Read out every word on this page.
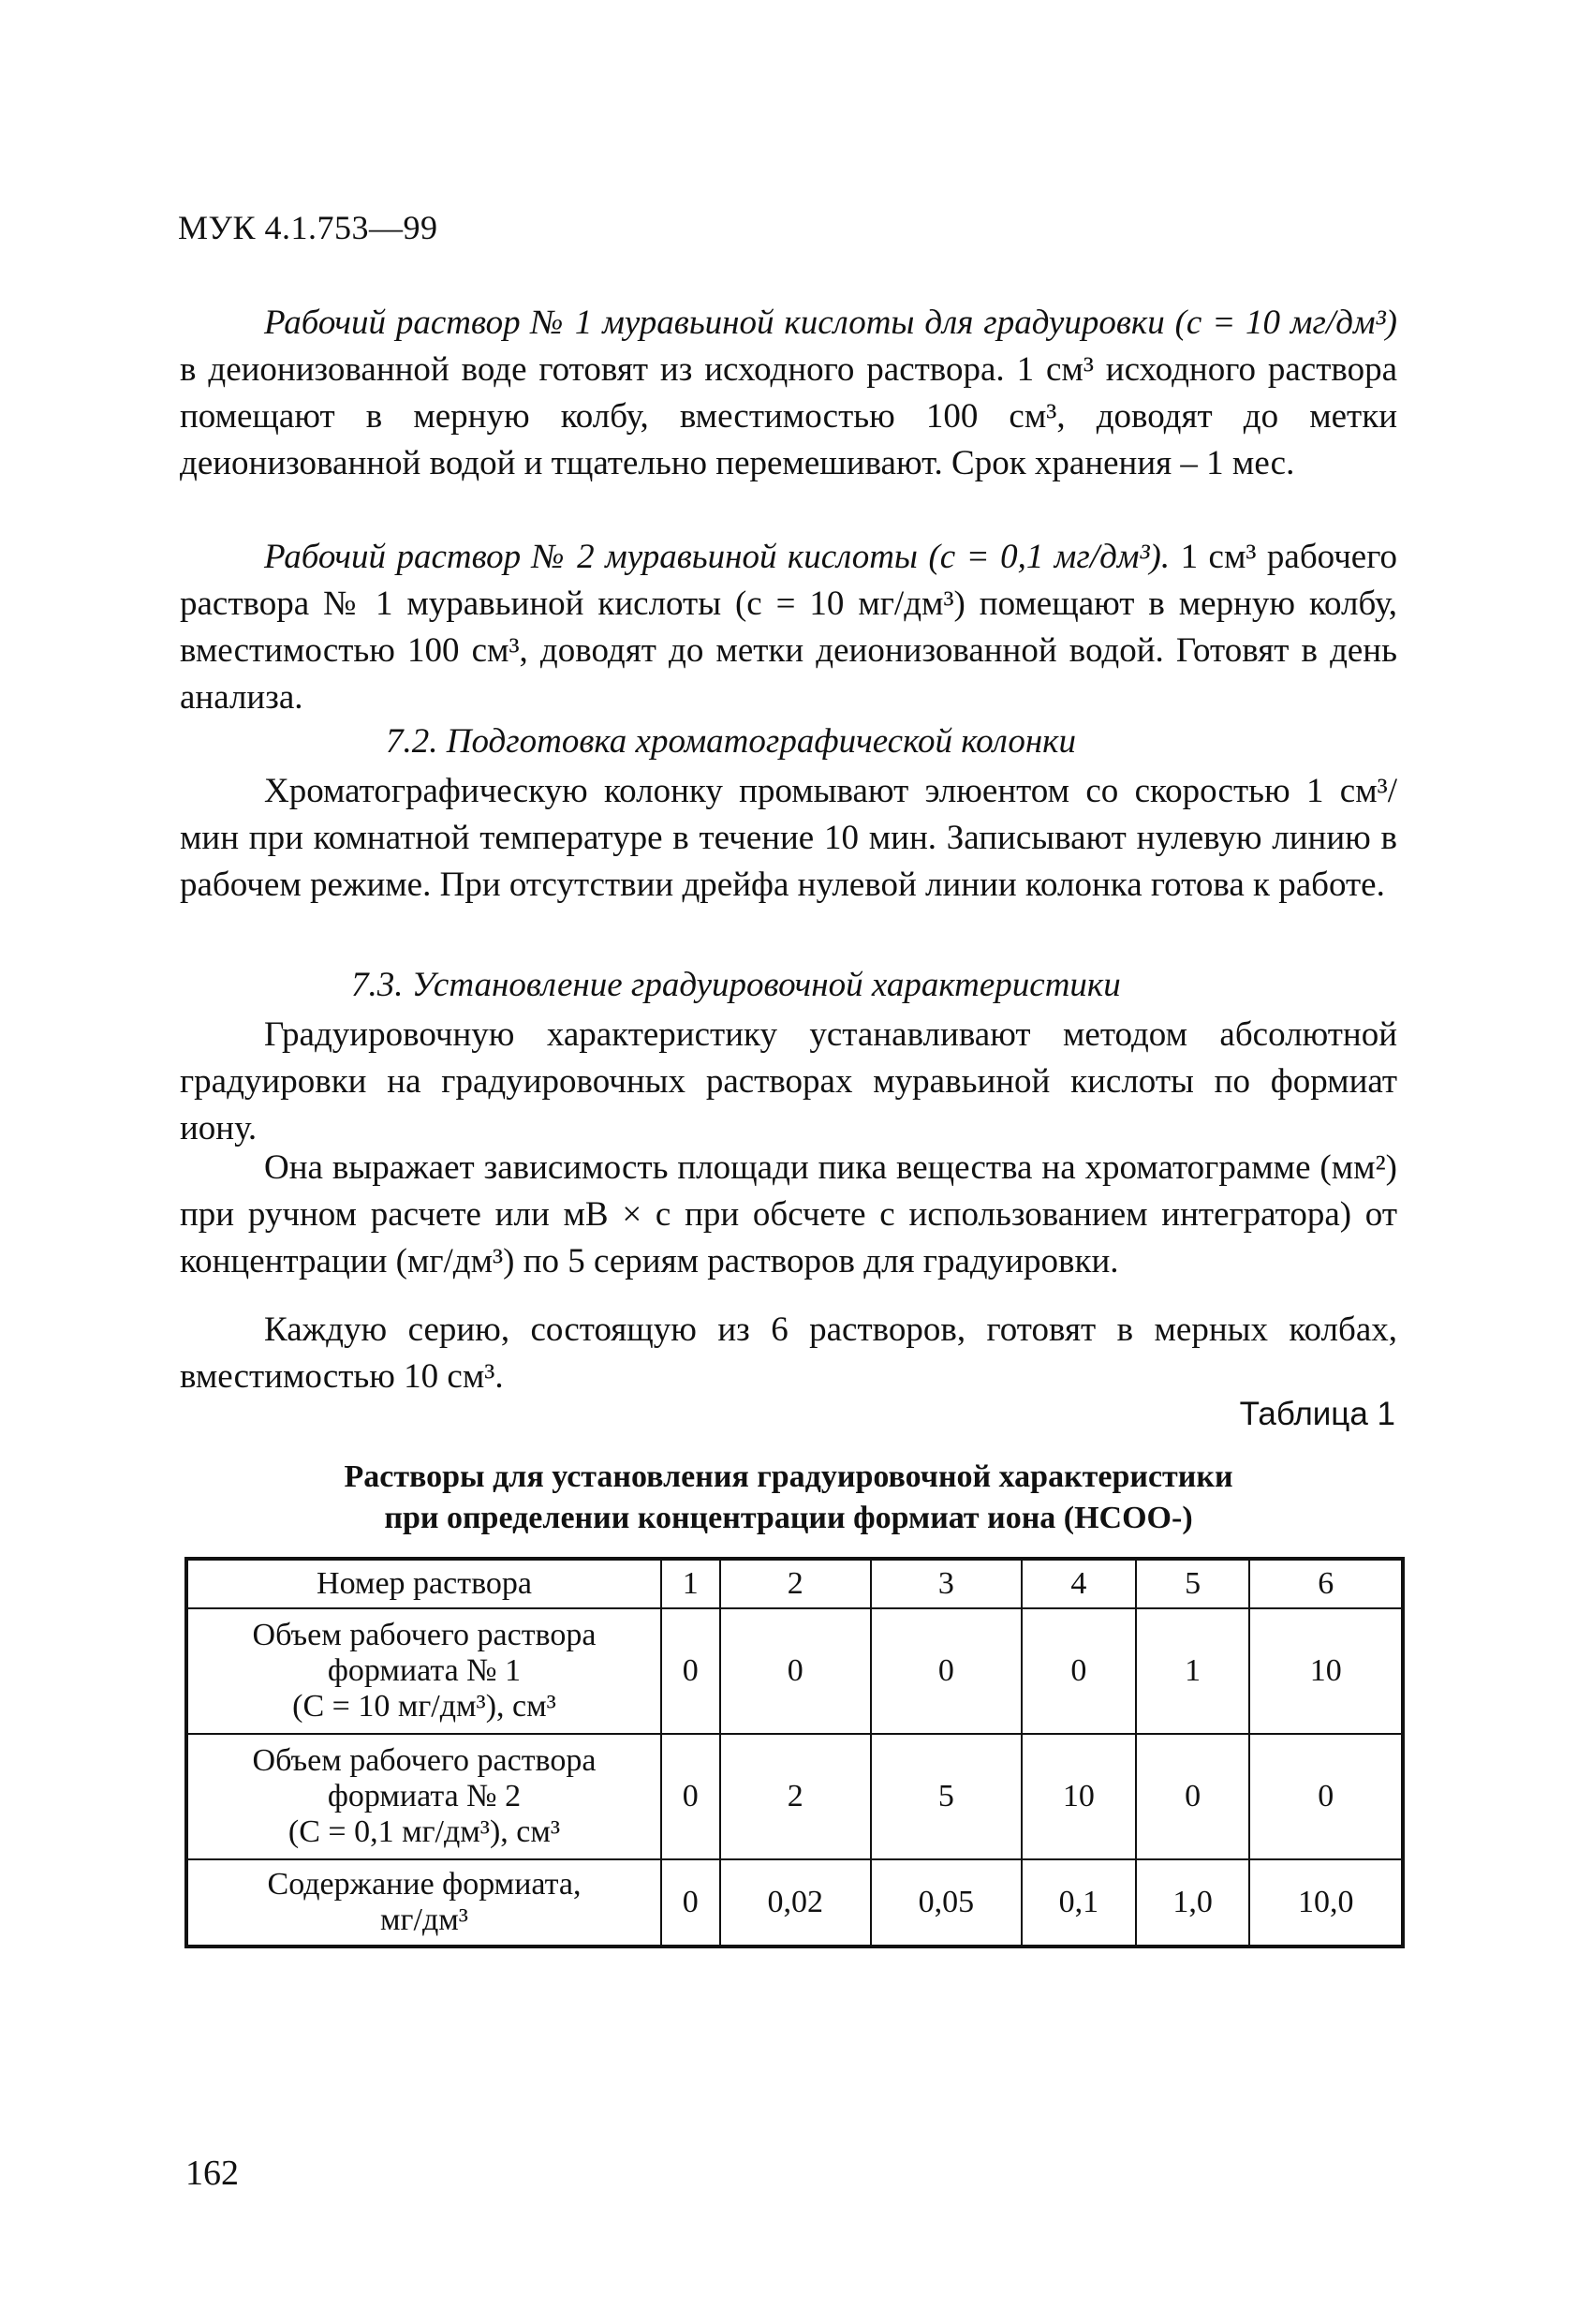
МУК 4.1.753—99

Рабочий раствор № 1 муравьиной кислоты для градуировки (с = 10 мг/дм³) в деионизованной воде готовят из исходного раствора. 1 см³ исходного раствора помещают в мерную колбу, вместимостью 100 см³, доводят до метки деионизованной водой и тщательно перемешивают. Срок хранения – 1 мес.

Рабочий раствор № 2 муравьиной кислоты (с = 0,1 мг/дм³). 1 см³ рабочего раствора № 1 муравьиной кислоты (с = 10 мг/дм³) помещают в мерную колбу, вместимостью 100 см³, доводят до метки деионизованной водой. Готовят в день анализа.

7.2. Подготовка хроматографической колонки

Хроматографическую колонку промывают элюентом со скоростью 1 см³/мин при комнатной температуре в течение 10 мин. Записывают нулевую линию в рабочем режиме. При отсутствии дрейфа нулевой линии колонка готова к работе.

7.3. Установление градуировочной характеристики

Градуировочную характеристику устанавливают методом абсолютной градуировки на градуировочных растворах муравьиной кислоты по формиат иону.

Она выражает зависимость площади пика вещества на хроматограмме (мм²) при ручном расчете или мВ × с при обсчете с использованием интегратора) от концентрации (мг/дм³) по 5 сериям растворов для градуировки.

Каждую серию, состоящую из 6 растворов, готовят в мерных колбах, вместимостью 10 см³.

Таблица 1
Растворы для установления градуировочной характеристики
при определении концентрации формиат иона (HCOO-)
Номер раствора	1	2	3	4	5	6

Объем рабочего раствора
формиата № 1
(С = 10 мг/дм³), см³	0	0	0	0	1	10

Объем рабочего раствора
формиата № 2
(С = 0,1 мг/дм³), см³	0	2	5	10	0	0

Содержание формиата,
мг/дм³	0	0,02	0,05	0,1	1,0	10,0
162
